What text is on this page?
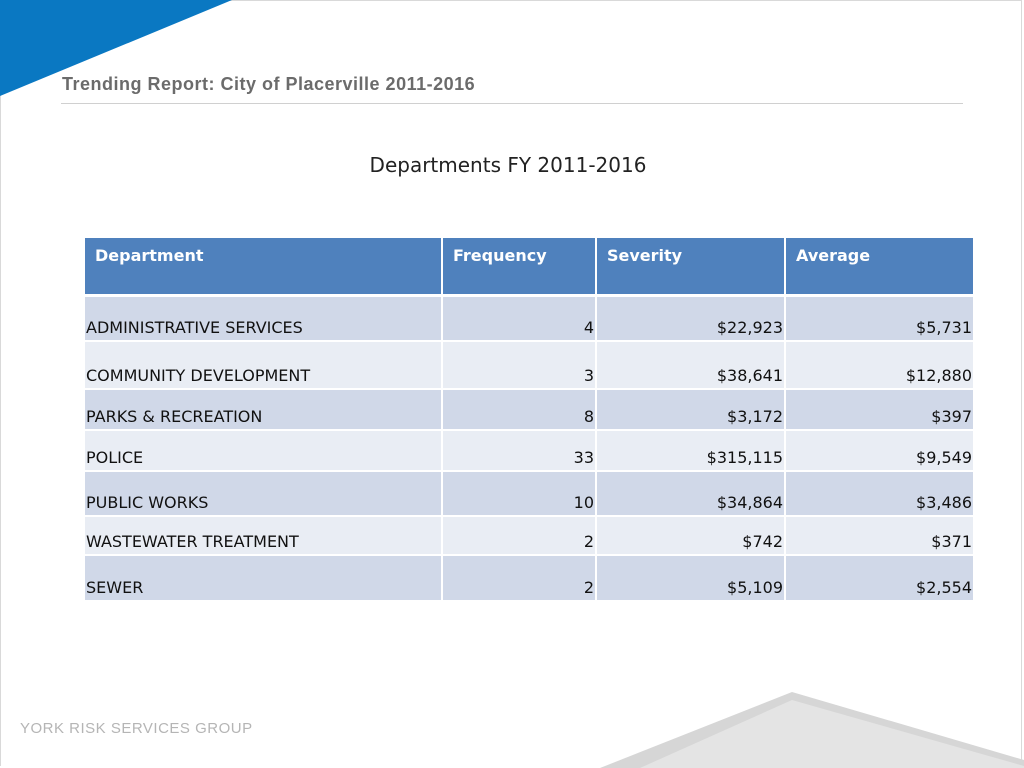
Trending Report: City of Placerville 2011-2016
Departments FY 2011-2016
Department	Frequency	Severity	Average
ADMINISTRATIVE SERVICES	4	$22,923	$5,731
COMMUNITY DEVELOPMENT	3	$38,641	$12,880
PARKS & RECREATION	8	$3,172	$397
POLICE	33	$315,115	$9,549
PUBLIC WORKS	10	$34,864	$3,486
WASTEWATER TREATMENT	2	$742	$371
SEWER	2	$5,109	$2,554
YORK RISK SERVICES GROUP
